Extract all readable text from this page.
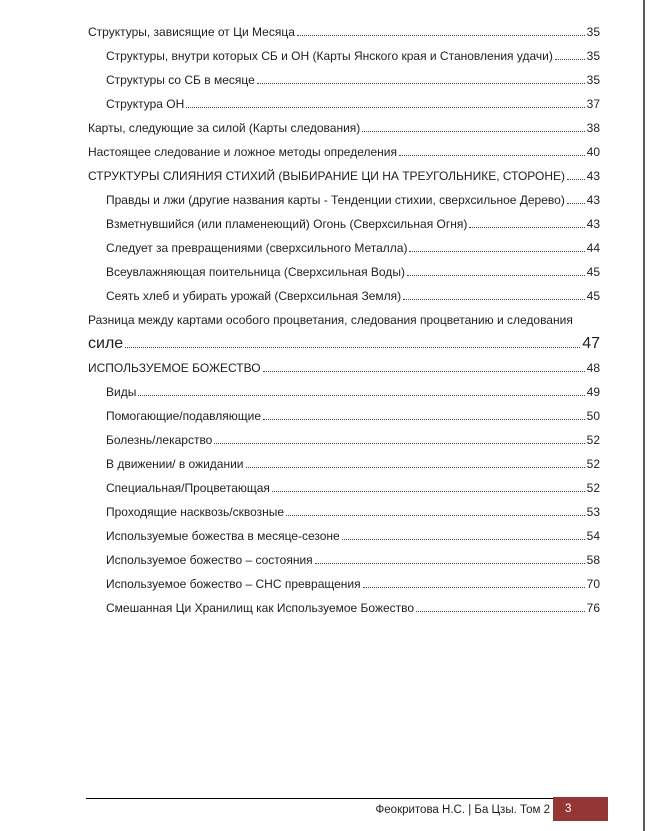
Структуры, зависящие от Ци Месяца	35
Структуры, внутри которых СБ и ОН (Карты Янского края и Становления удачи)	35
Структуры со СБ в месяце	35
Структура ОН	37
Карты, следующие за силой (Карты следования)	38
Настоящее следование и ложное методы определения	40
СТРУКТУРЫ СЛИЯНИЯ СТИХИЙ (ВЫБИРАНИЕ ЦИ НА ТРЕУГОЛЬНИКЕ, СТОРОНЕ) 43
Правды и лжи (другие названия карты - Тенденции стихии, сверхсильное Дерево) 43
Взметнувшийся (или пламенеющий) Огонь (Сверхсильная Огня)	43
Следует за превращениями (сверхсильного Металла)	44
Всеувлажняющая поительница (Сверхсильная Воды)	45
Сеять хлеб и убирать урожай (Сверхсильная Земля)	45
Разница между картами особого процветания, следования процветанию и следования
силе	47
ИСПОЛЬЗУЕМОЕ БОЖЕСТВО	48
Виды	49
Помогающие/подавляющие	50
Болезнь/лекарство	52
В движении/ в ожидании	52
Специальная/Процветающая	52
Проходящие насквозь/сквозные	53
Используемые божества в месяце-сезоне	54
Используемое божество – состояния	58
Используемое божество – СНС превращения	70
Смешанная Ци Хранилищ как Используемое Божество	76
Феокритова Н.С. | Ба Цзы. Том 2	3
